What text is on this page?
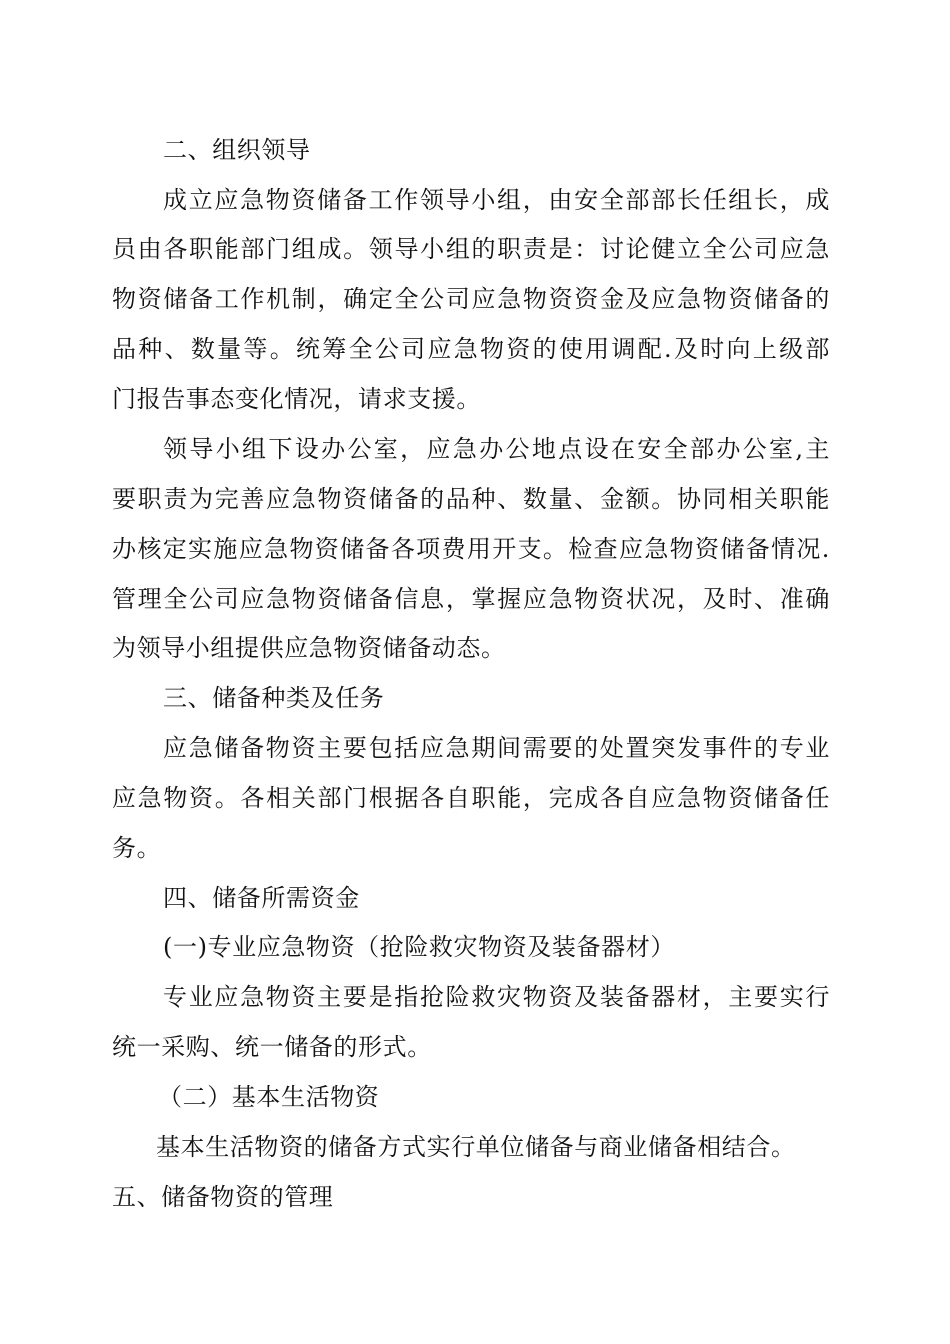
二、组织领导
成立应急物资储备工作领导小组，由安全部部长任组长，成
员由各职能部门组成。领导小组的职责是：讨论健立全公司应急
物资储备工作机制，确定全公司应急物资资金及应急物资储备的
品种、数量等。统筹全公司应急物资的使用调配.及时向上级部
门报告事态变化情况，请求支援。
领导小组下设办公室，应急办公地点设在安全部办公室,主
要职责为完善应急物资储备的品种、数量、金额。协同相关职能
办核定实施应急物资储备各项费用开支。检查应急物资储备情况.
管理全公司应急物资储备信息，掌握应急物资状况，及时、准确
为领导小组提供应急物资储备动态。
三、储备种类及任务
应急储备物资主要包括应急期间需要的处置突发事件的专业
应急物资。各相关部门根据各自职能，完成各自应急物资储备任
务。
四、储备所需资金
(一)专业应急物资（抢险救灾物资及装备器材）
专业应急物资主要是指抢险救灾物资及装备器材，主要实行
统一采购、统一储备的形式。
（二）基本生活物资
基本生活物资的储备方式实行单位储备与商业储备相结合。
五、储备物资的管理
